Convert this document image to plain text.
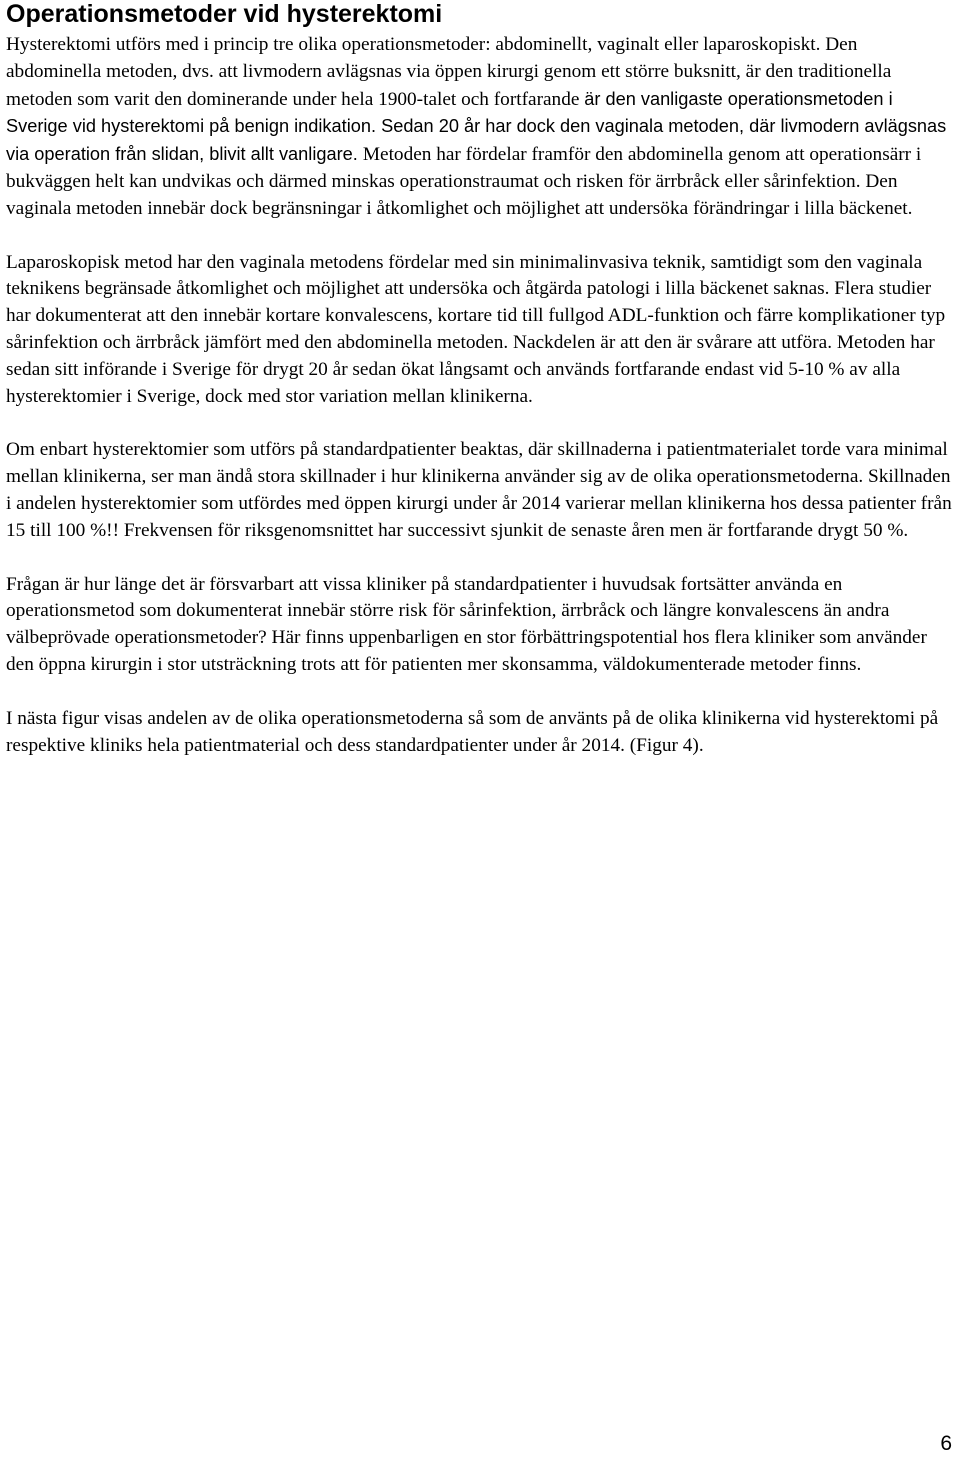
Operationsmetoder vid hysterektomi

Hysterektomi utförs med i princip tre olika operationsmetoder: abdominellt, vaginalt eller laparoskopiskt. Den abdominella metoden, dvs. att livmodern avlägsnas via öppen kirurgi genom ett större buksnitt, är den traditionella metoden som varit den dominerande under hela 1900-talet och fortfarande är den vanligaste operationsmetoden i Sverige vid hysterektomi på benign indikation. Sedan 20 år har dock den vaginala metoden, där livmodern avlägsnas via operation från slidan, blivit allt vanligare. Metoden har fördelar framför den abdominella genom att operationsärr i bukväggen helt kan undvikas och därmed minskas operationstraumat och risken för ärrbråck eller sårinfektion. Den vaginala metoden innebär dock begränsningar i åtkomlighet och möjlighet att undersöka förändringar i lilla bäckenet.

Laparoskopisk metod har den vaginala metodens fördelar med sin minimalinvasiva teknik, samtidigt som den vaginala teknikens begränsade åtkomlighet och möjlighet att undersöka och åtgärda patologi i lilla bäckenet saknas. Flera studier har dokumenterat att den innebär kortare konvalescens, kortare tid till fullgod ADL-funktion och färre komplikationer typ sårinfektion och ärrbråck jämfört med den abdominella metoden. Nackdelen är att den är svårare att utföra. Metoden har sedan sitt införande i Sverige för drygt 20 år sedan ökat långsamt och används fortfarande endast vid 5-10 % av alla hysterektomier i Sverige, dock med stor variation mellan klinikerna.

Om enbart hysterektomier som utförs på standardpatienter beaktas, där skillnaderna i patientmaterialet torde vara minimal mellan klinikerna, ser man ändå stora skillnader i hur klinikerna använder sig av de olika operationsmetoderna. Skillnaden i andelen hysterektomier som utfördes med öppen kirurgi under år 2014 varierar mellan klinikerna hos dessa patienter från 15 till 100 %!! Frekvensen för riksgenomsnittet har successivt sjunkit de senaste åren men är fortfarande drygt 50 %.

Frågan är hur länge det är försvarbart att vissa kliniker på standardpatienter i huvudsak fortsätter använda en operationsmetod som dokumenterat innebär större risk för sårinfektion, ärrbråck och längre konvalescens än andra välbeprövade operationsmetoder? Här finns uppenbarligen en stor förbättringspotential hos flera kliniker som använder den öppna kirurgin i stor utsträckning trots att för patienten mer skonsamma, väldokumenterade metoder finns.

I nästa figur visas andelen av de olika operationsmetoderna så som de använts på de olika klinikerna vid hysterektomi på respektive kliniks hela patientmaterial och dess standardpatienter under år 2014. (Figur 4).

6
